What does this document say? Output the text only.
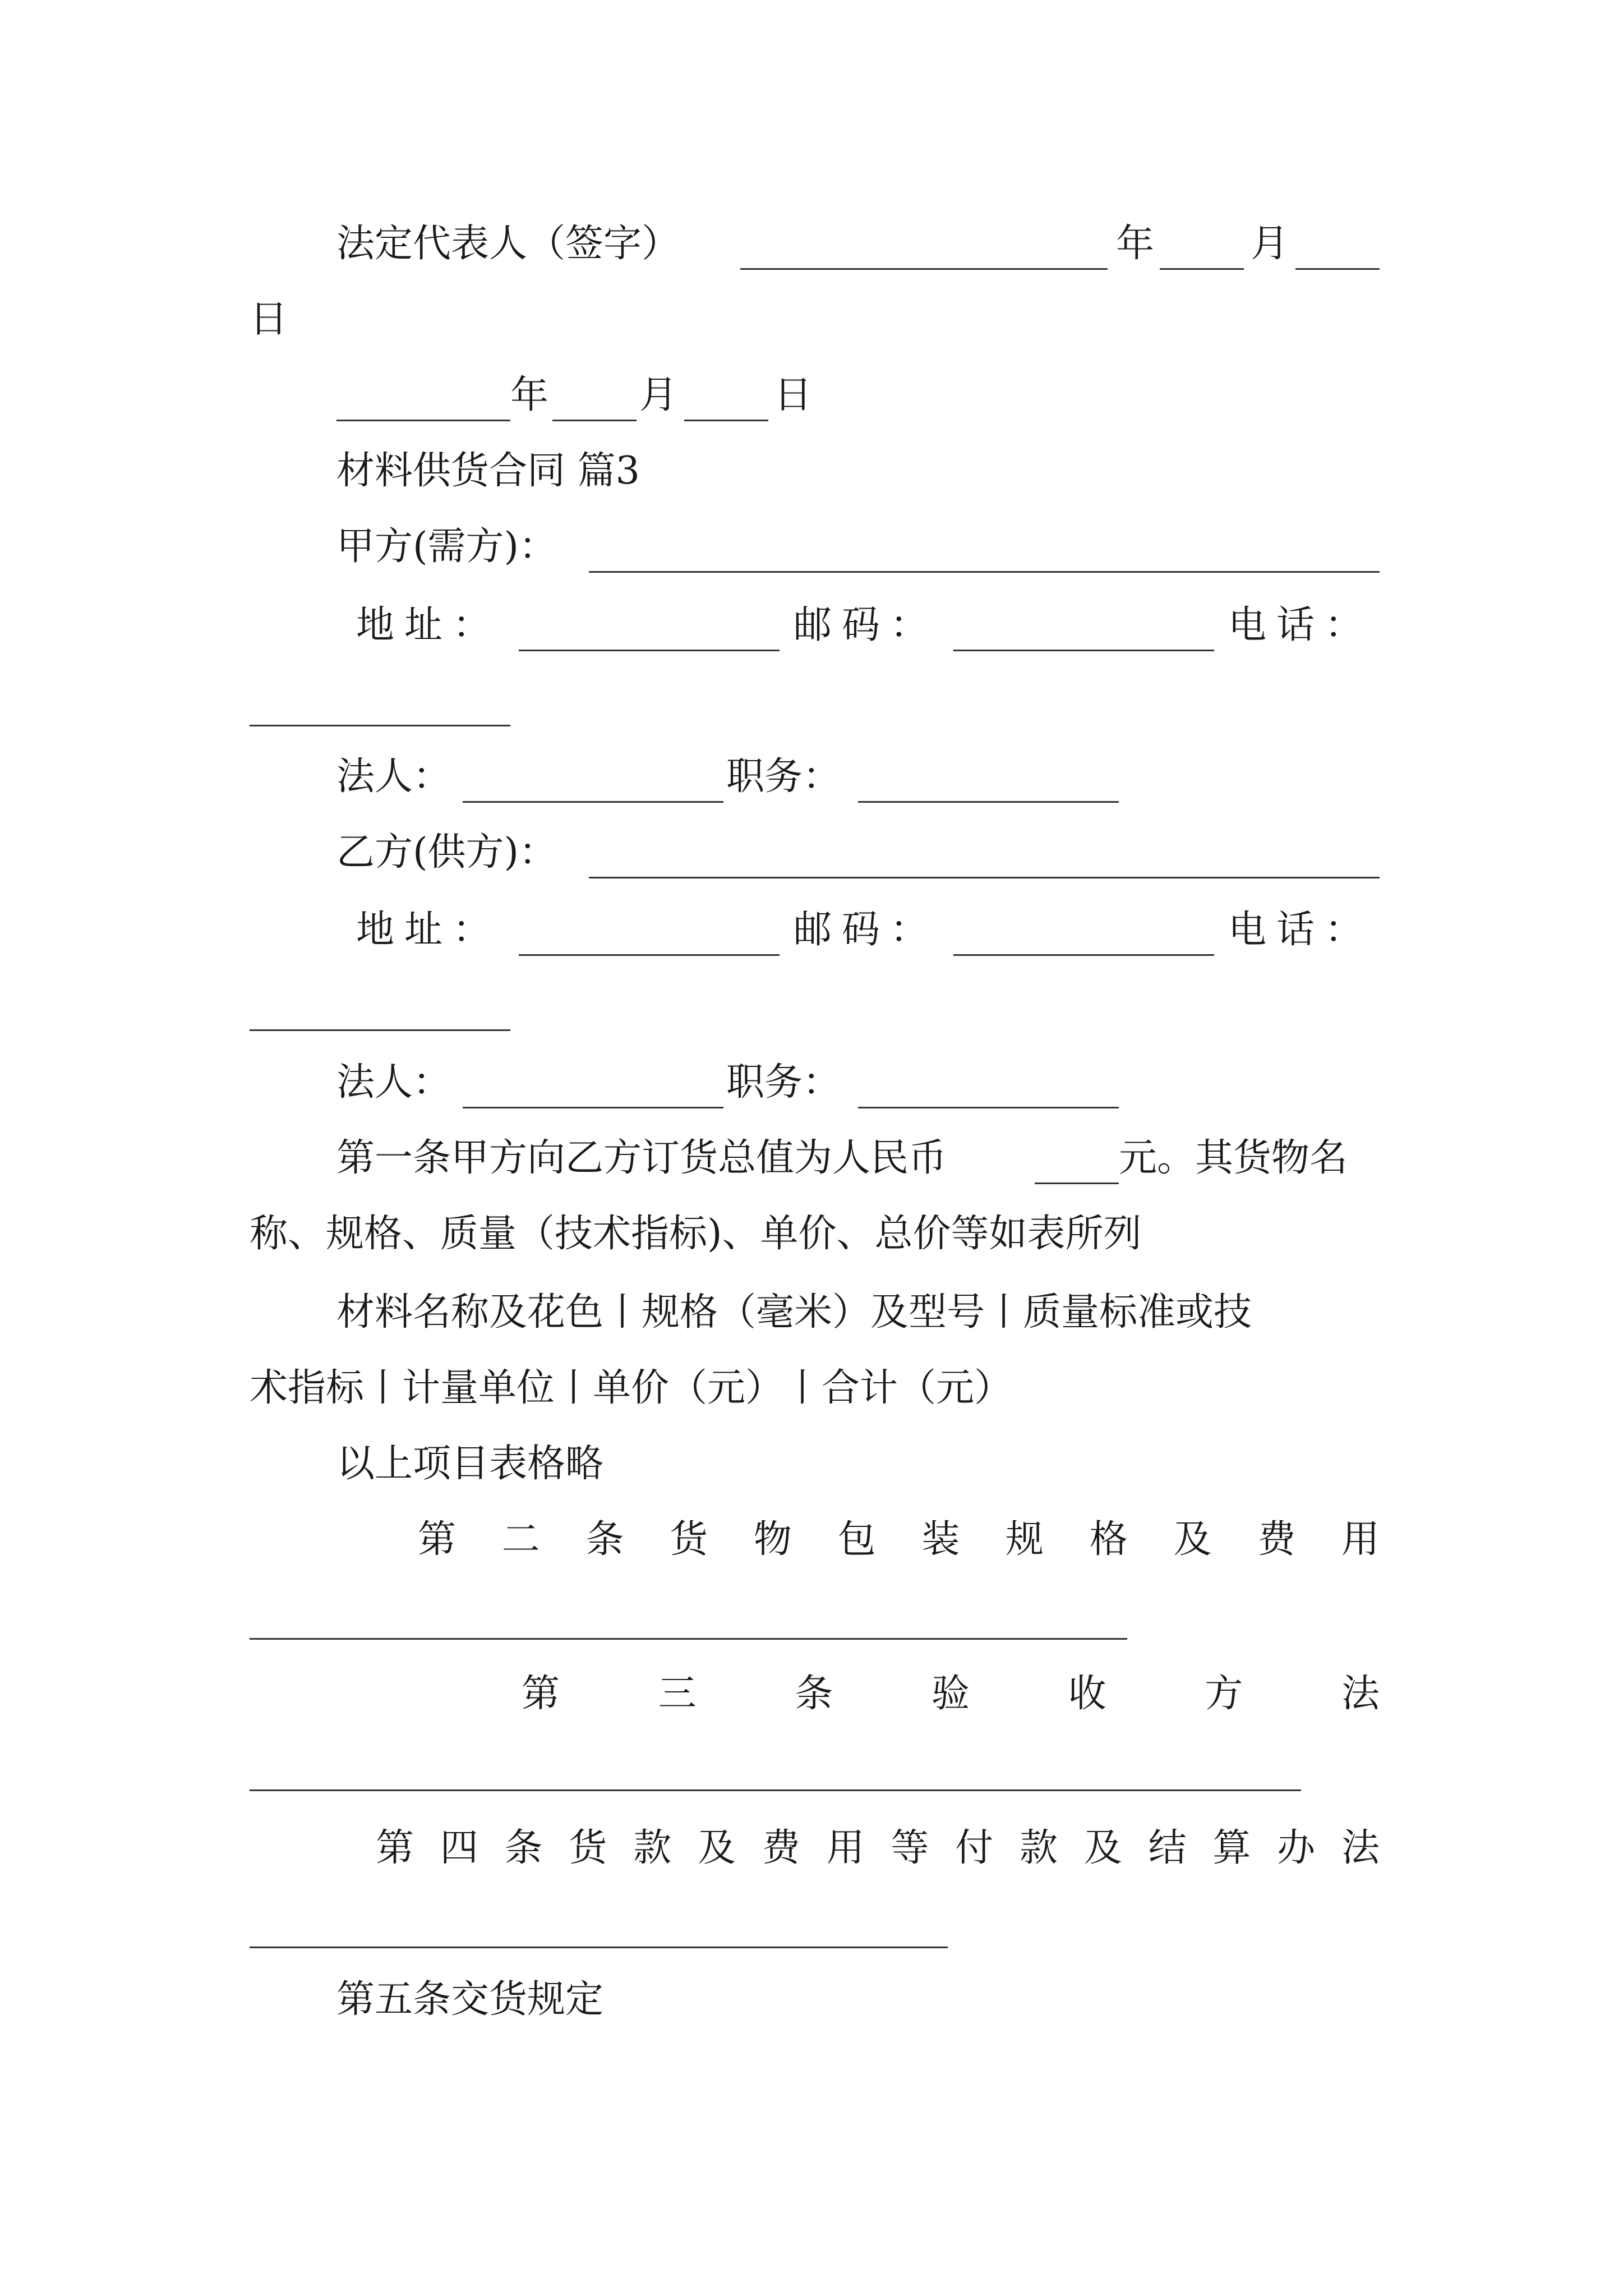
法定代表人（签字）	年	月
日
年 月	日
材料供货合同 篇3
甲方(需方)：
地址：	邮码：	电话：
法人：	职务：
乙方(供方)：
地址：	邮码：	电话：
法人：	职务：
第一条甲方向乙方订货总值为人民币	元。其货物名
称、规格、质量（技术指标)、单价、总价等如表所列
材料名称及花色丨规格（毫米）及型号丨质量标准或技
术指标丨计量单位丨单价（元）丨合计（元）
以上项目表格略
第 二 条 货 物 包 装 规 格 及 费 用
第	三	条	验	收	方	法
第 四 条 货 款 及 费 用 等 付 款 及 结 算 办 法
第五条交货规定
